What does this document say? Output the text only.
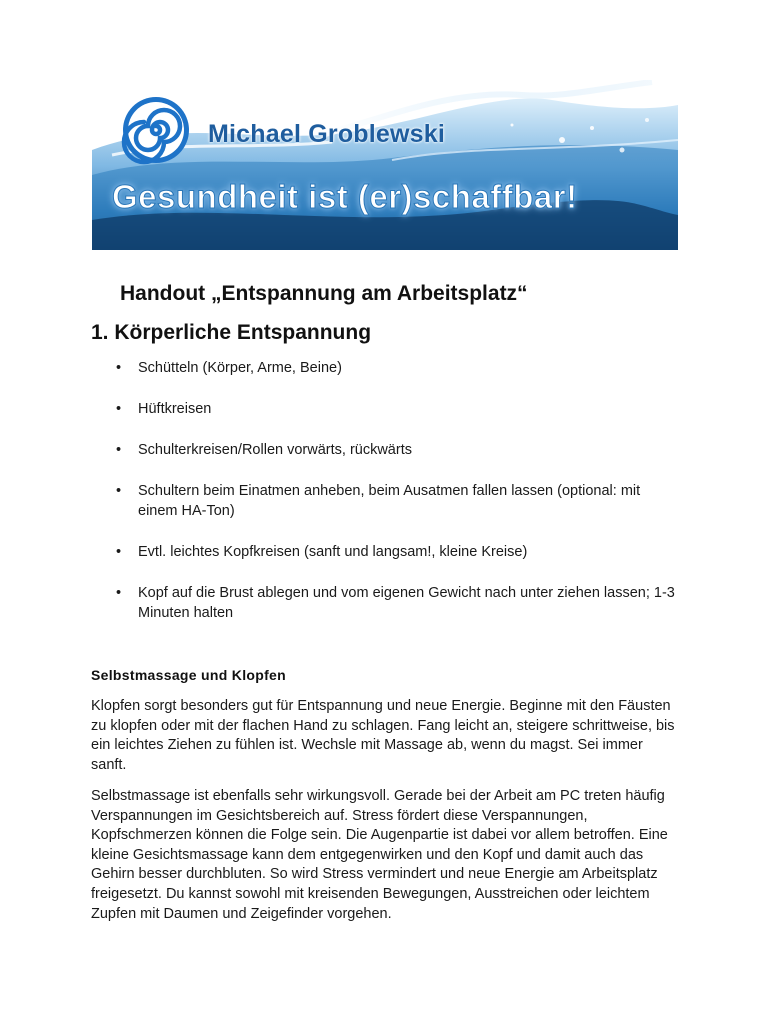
Michael Groblewski
Gesundheit ist (er)schaffbar!
Handout „Entspannung am Arbeitsplatz“
1. Körperliche Entspannung
• Schütteln (Körper, Arme, Beine)
• Hüftkreisen
• Schulterkreisen/Rollen vorwärts, rückwärts
• Schultern beim Einatmen anheben, beim Ausatmen fallen lassen (optional: mit einem HA-Ton)
• Evtl. leichtes Kopfkreisen (sanft und langsam!, kleine Kreise)
• Kopf auf die Brust ablegen und vom eigenen Gewicht nach unter ziehen lassen; 1-3 Minuten halten
Selbstmassage und Klopfen

Klopfen sorgt besonders gut für Entspannung und neue Energie. Beginne mit den Fäusten zu klopfen oder mit der flachen Hand zu schlagen. Fang leicht an, steigere schrittweise, bis ein leichtes Ziehen zu fühlen ist. Wechsle mit Massage ab, wenn du magst. Sei immer sanft.

Selbstmassage ist ebenfalls sehr wirkungsvoll. Gerade bei der Arbeit am PC treten häufig Verspannungen im Gesichtsbereich auf. Stress fördert diese Verspannungen, Kopfschmerzen können die Folge sein. Die Augenpartie ist dabei vor allem betroffen. Eine kleine Gesichtsmassage kann dem entgegenwirken und den Kopf und damit auch das Gehirn besser durchbluten. So wird Stress vermindert und neue Energie am Arbeitsplatz freigesetzt. Du kannst sowohl mit kreisenden Bewegungen, Ausstreichen oder leichtem Zupfen mit Daumen und Zeigefinder vorgehen.
